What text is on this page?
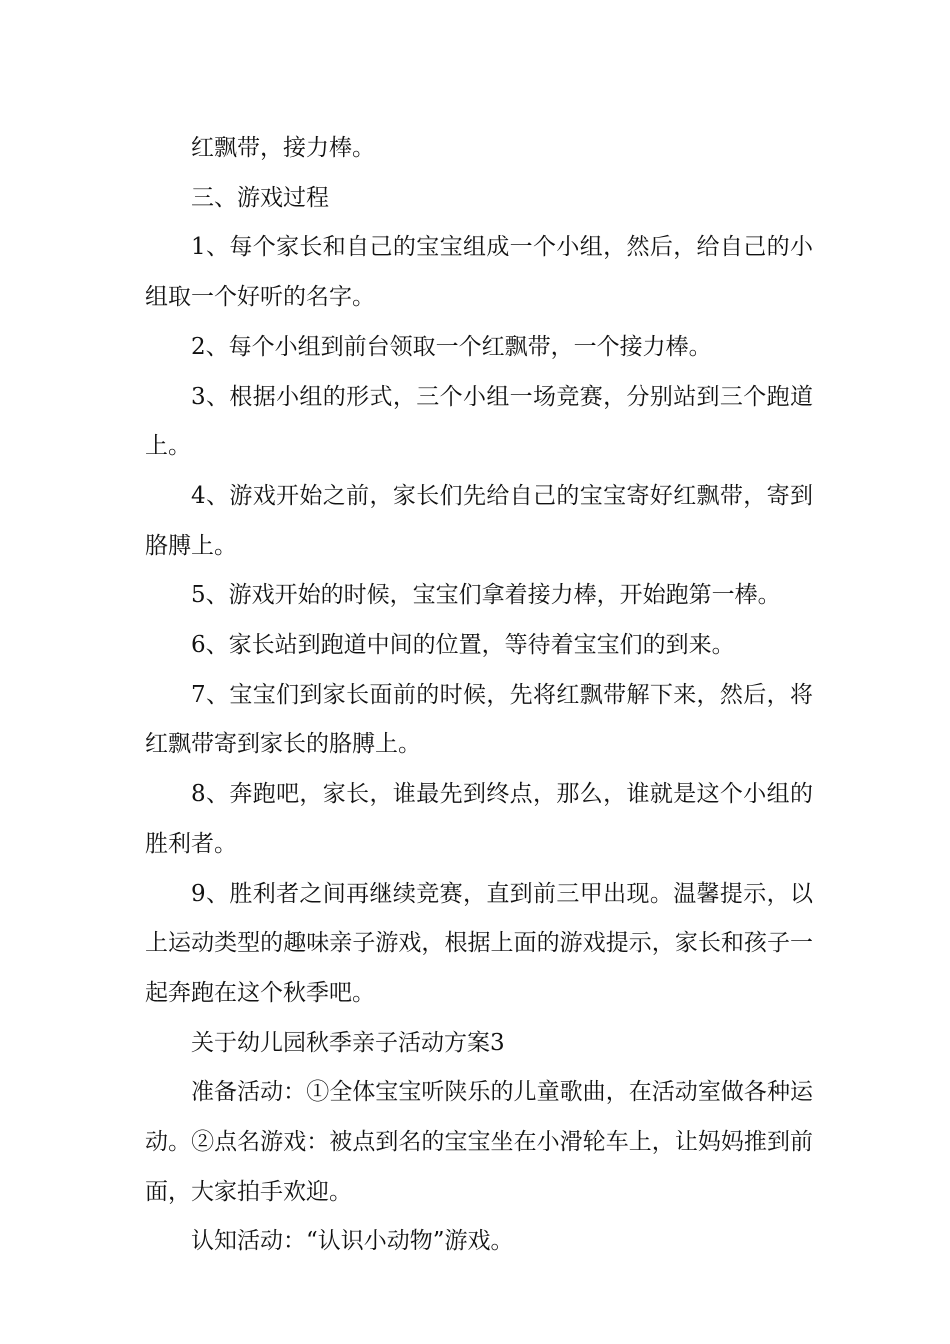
红飘带，接力棒。

三、游戏过程

1、每个家长和自己的宝宝组成一个小组，然后，给自己的小组取一个好听的名字。

2、每个小组到前台领取一个红飘带，一个接力棒。

3、根据小组的形式，三个小组一场竞赛，分别站到三个跑道上。

4、游戏开始之前，家长们先给自己的宝宝寄好红飘带，寄到胳膊上。

5、游戏开始的时候，宝宝们拿着接力棒，开始跑第一棒。

6、家长站到跑道中间的位置，等待着宝宝们的到来。

7、宝宝们到家长面前的时候，先将红飘带解下来，然后，将红飘带寄到家长的胳膊上。

8、奔跑吧，家长，谁最先到终点，那么，谁就是这个小组的胜利者。

9、胜利者之间再继续竞赛，直到前三甲出现。温馨提示，以上运动类型的趣味亲子游戏，根据上面的游戏提示，家长和孩子一起奔跑在这个秋季吧。

关于幼儿园秋季亲子活动方案3

准备活动：①全体宝宝听陕乐的儿童歌曲，在活动室做各种运动。②点名游戏：被点到名的宝宝坐在小滑轮车上，让妈妈推到前面，大家拍手欢迎。

认知活动：“认识小动物”游戏。
